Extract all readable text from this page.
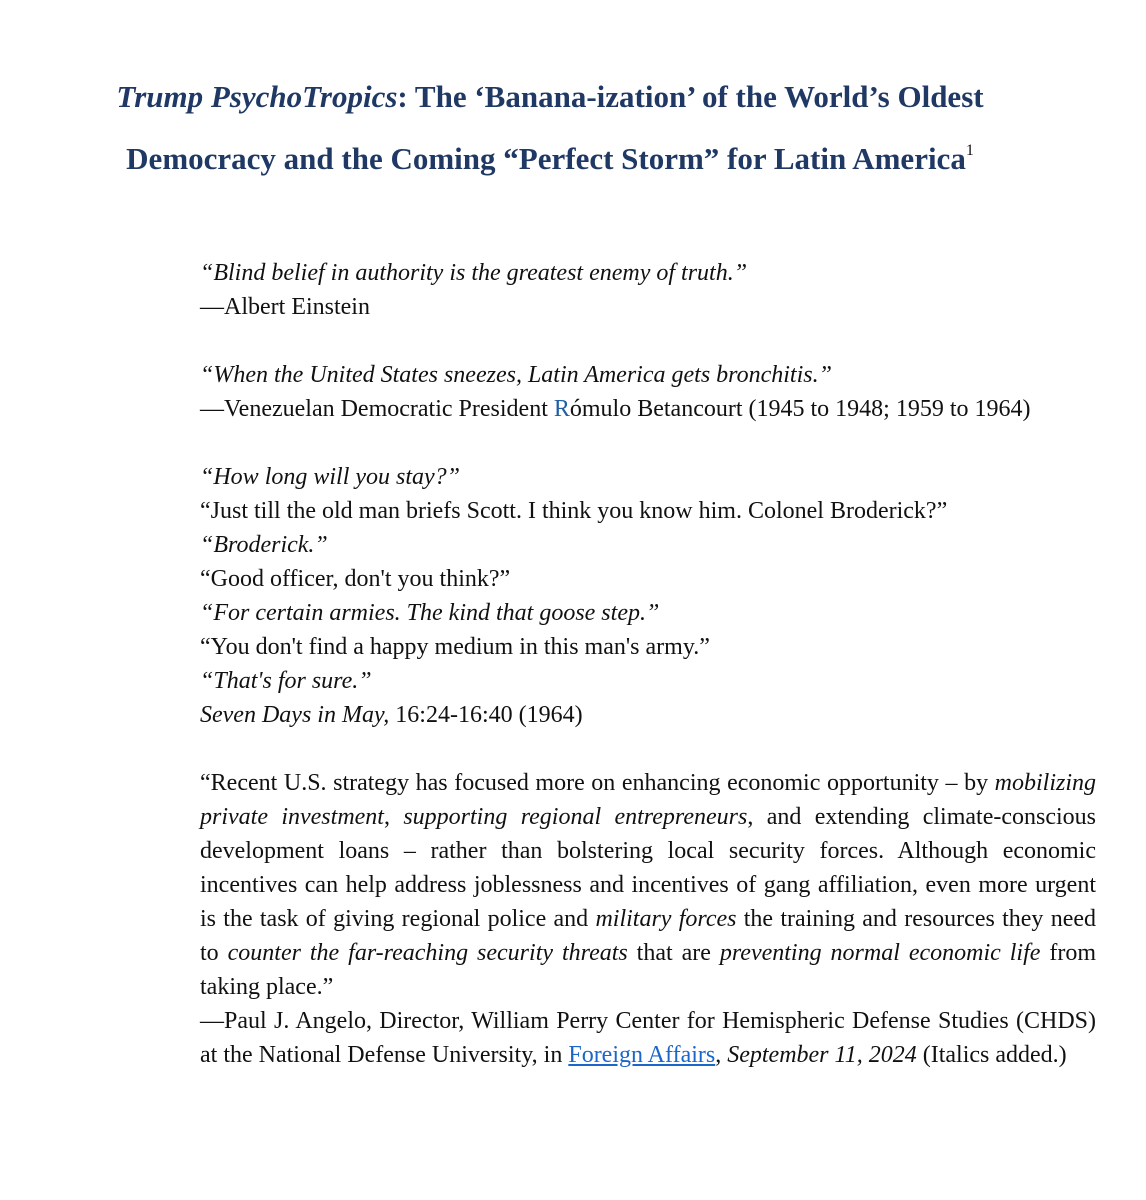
Trump PsychoTropics: The ‘Banana-ization’ of the World’s Oldest
Democracy and the Coming “Perfect Storm” for Latin America$^1$
“Blind belief in authority is the greatest enemy of truth.”
—Albert Einstein
“When the United States sneezes, Latin America gets bronchitis.”
—Venezuelan Democratic President Rómulo Betancourt (1945 to 1948; 1959 to 1964)
“How long will you stay?”
“Just till the old man briefs Scott. I think you know him. Colonel Broderick?”
“Broderick.”
“Good officer, don't you think?”
“For certain armies. The kind that goose step.”
“You don't find a happy medium in this man's army.”
“That's for sure.”
Seven Days in May, 16:24-16:40 (1964)
“Recent U.S. strategy has focused more on enhancing economic opportunity – by mobilizing private investment, supporting regional entrepreneurs, and extending climate-conscious development loans – rather than bolstering local security forces. Although economic incentives can help address joblessness and incentives of gang affiliation, even more urgent is the task of giving regional police and military forces the training and resources they need to counter the far-reaching security threats that are preventing normal economic life from taking place.”
—Paul J. Angelo, Director, William Perry Center for Hemispheric Defense Studies (CHDS) at the National Defense University, in Foreign Affairs, September 11, 2024 (Italics added.)
